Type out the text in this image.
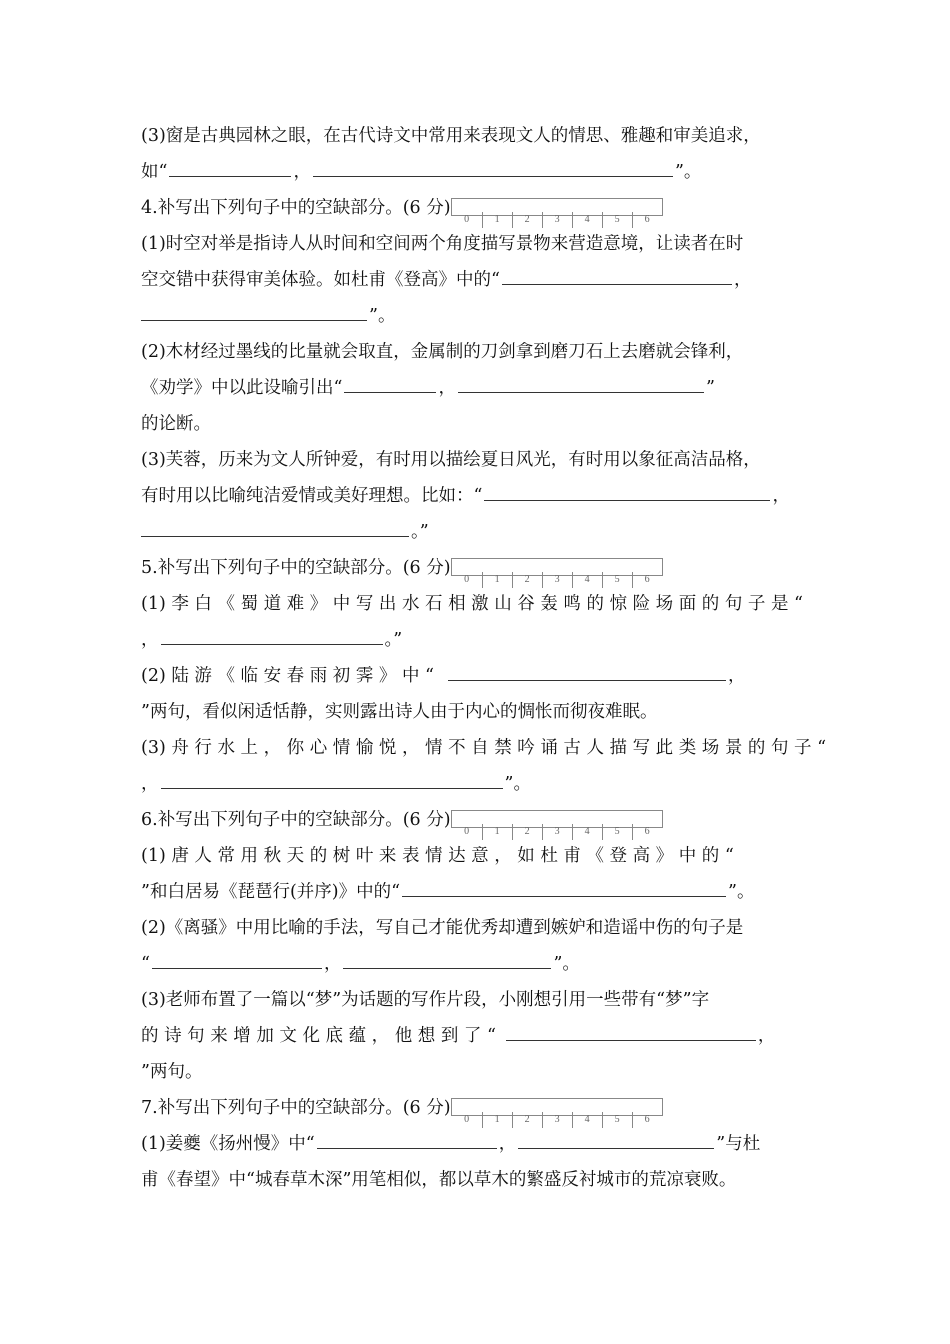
(3)窗是古典园林之眼，在古代诗文中常用来表现文人的情思、雅趣和审美追求，
如“	，	”。
4.补写出下列句子中的空缺部分。(6 分)0	1	2	3	4	5	6
(1)时空对举是指诗人从时间和空间两个角度描写景物来营造意境，让读者在时
空交错中获得审美体验。如杜甫《登高》中的“	，
”。
(2)木材经过墨线的比量就会取直，金属制的刀剑拿到磨刀石上去磨就会锋利，
《劝学》中以此设喻引出“	，	”
的论断。
(3)芙蓉，历来为文人所钟爱，有时用以描绘夏日风光，有时用以象征高洁品格，
有时用以比喻纯洁爱情或美好理想。比如：“	，
。”
5.补写出下列句子中的空缺部分。(6 分)0	1	2	3	4	5	6
(1) 李 白 《 蜀 道 难 》 中 写 出 水 石 相 激 山 谷 轰 鸣 的 惊 险 场 面 的 句 子 是 “
，	。”
(2) 陆 游 《 临 安 春 雨 初 霁 》 中 “	，
”两句，看似闲适恬静，实则露出诗人由于内心的惆怅而彻夜难眠。
(3) 舟 行 水 上 ， 你 心 情 愉 悦 ， 情 不 自 禁 吟 诵 古 人 描 写 此 类 场 景 的 句 子 “
，	”。
6.补写出下列句子中的空缺部分。(6 分)0	1	2	3	4	5	6
(1) 唐 人 常 用 秋 天 的 树 叶 来 表 情 达 意 ， 如 杜 甫 《 登 高 》 中 的 “
”和白居易《琵琶行(并序)》中的“	”。
(2)《离骚》中用比喻的手法，写自己才能优秀却遭到嫉妒和造谣中伤的句子是
“	，	”。
(3)老师布置了一篇以“梦”为话题的写作片段，小刚想引用一些带有“梦”字
的 诗 句 来 增 加 文 化 底 蕴 ， 他 想 到 了 “	，
”两句。
7.补写出下列句子中的空缺部分。(6 分)0	1	2	3	4	5	6
(1)姜夔《扬州慢》中“	，	”与杜
甫《春望》中“城春草木深”用笔相似，都以草木的繁盛反衬城市的荒凉衰败。
